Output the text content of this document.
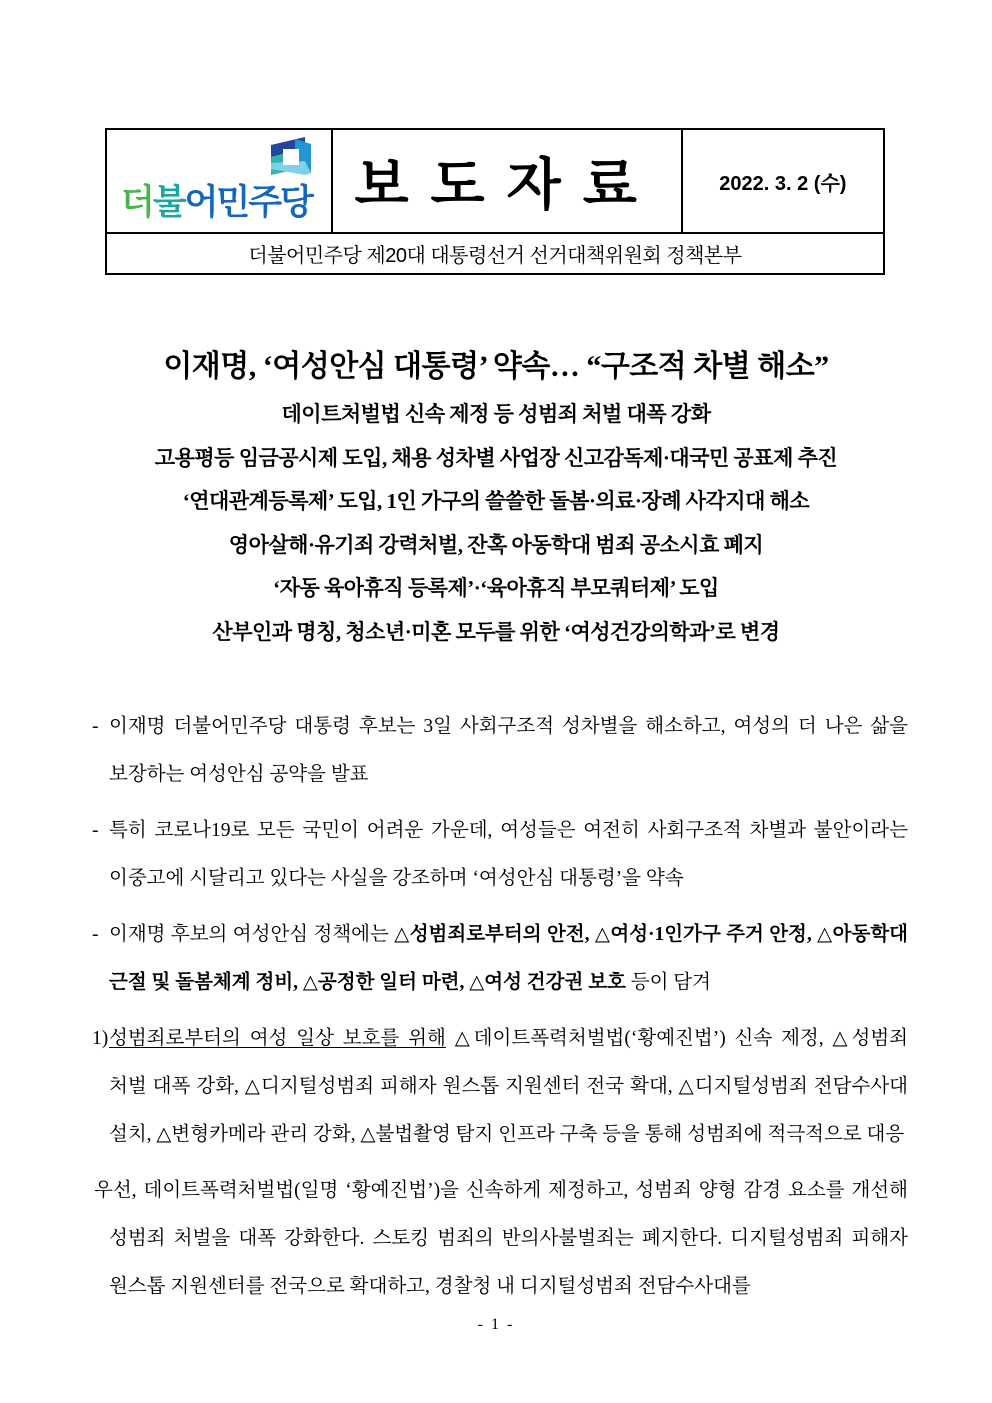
더불어민주당	보도자료	2022. 3. 2 (수)
더불어민주당 제20대 대통령선거 선거대책위원회 정책본부
이재명, ‘여성안심 대통령’ 약속… “구조적 차별 해소”
데이트처벌법 신속 제정 등 성범죄 처벌 대폭 강화
고용평등 임금공시제 도입, 채용 성차별 사업장 신고감독제·대국민 공표제 추진
‘연대관계등록제’ 도입, 1인 가구의 쓸쓸한 돌봄·의료·장례 사각지대 해소
영아살해·유기죄 강력처벌, 잔혹 아동학대 범죄 공소시효 폐지
‘자동 육아휴직 등록제’·‘육아휴직 부모쿼터제’ 도입
산부인과 명칭, 청소년·미혼 모두를 위한 ‘여성건강의학과’로 변경
- 이재명 더불어민주당 대통령 후보는 3일 사회구조적 성차별을 해소하고, 여성의 더 나은 삶을 보장하는 여성안심 공약을 발표
- 특히 코로나19로 모든 국민이 어려운 가운데, 여성들은 여전히 사회구조적 차별과 불안이라는 이중고에 시달리고 있다는 사실을 강조하며 ‘여성안심 대통령’을 약속
- 이재명 후보의 여성안심 정책에는 △성범죄로부터의 안전, △여성·1인가구 주거 안정, △아동학대 근절 및 돌봄체계 정비, △공정한 일터 마련, △여성 건강권 보호 등이 담겨
1)성범죄로부터의 여성 일상 보호를 위해 △데이트폭력처벌법(‘황예진법’) 신속 제정, △성범죄 처벌 대폭 강화, △디지털성범죄 피해자 원스톱 지원센터 전국 확대, △디지털성범죄 전담수사대 설치, △변형카메라 관리 강화, △불법촬영 탐지 인프라 구축 등을 통해 성범죄에 적극적으로 대응
우선, 데이트폭력처벌법(일명 ‘황예진법’)을 신속하게 제정하고, 성범죄 양형 감경 요소를 개선해 성범죄 처벌을 대폭 강화한다. 스토킹 범죄의 반의사불벌죄는 폐지한다. 디지털성범죄 피해자 원스톱 지원센터를 전국으로 확대하고, 경찰청 내 디지털성범죄 전담수사대를
- 1 -
